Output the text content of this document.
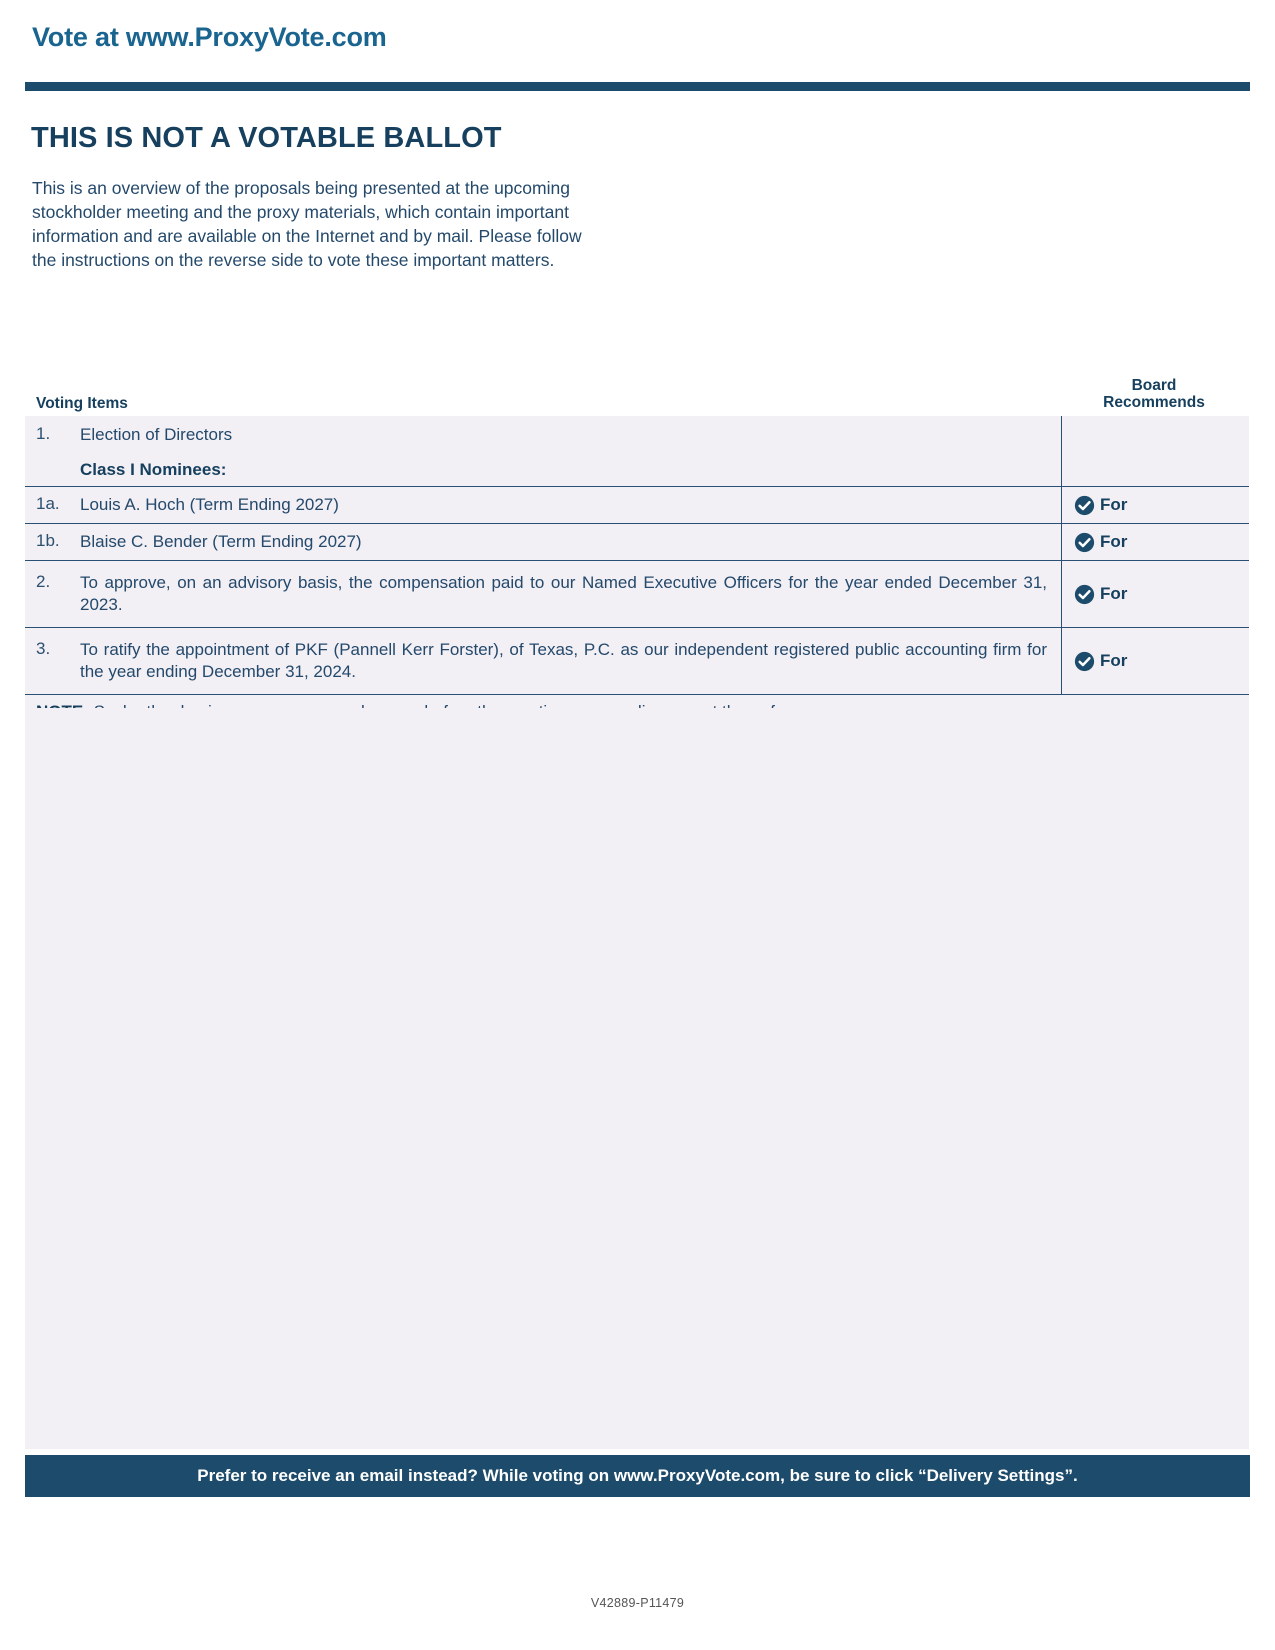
Vote at www.ProxyVote.com
THIS IS NOT A VOTABLE BALLOT
This is an overview of the proposals being presented at the upcoming stockholder meeting and the proxy materials, which contain important information and are available on the Internet and by mail. Please follow the instructions on the reverse side to vote these important matters.
Voting Items
Board
Recommends
1. Election of Directors
Class I Nominees:
1a. Louis A. Hoch (Term Ending 2027)	For
1b. Blaise C. Bender (Term Ending 2027)	For
2. To approve, on an advisory basis, the compensation paid to our Named Executive Officers for the year ended December 31, 2023.
For
3. To ratify the appointment of PKF (Pannell Kerr Forster), of Texas, P.C. as our independent registered public accounting firm for the year ending December 31, 2024.
For
Prefer to receive an email instead? While voting on www.ProxyVote.com, be sure to click “Delivery Settings”.
V42889-P11479
